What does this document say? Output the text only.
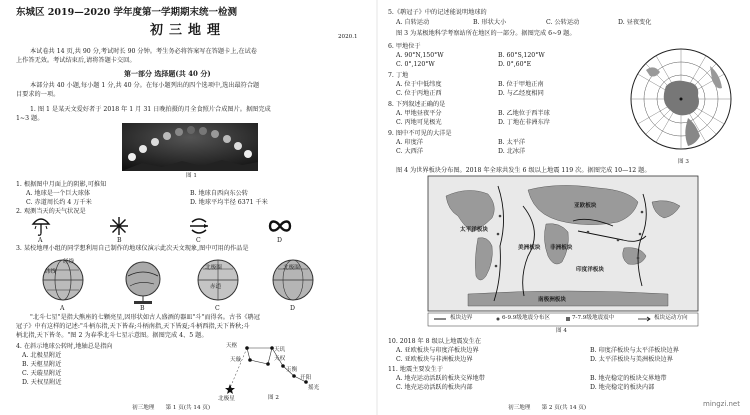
东城区 2019—2020 学年度第一学期期末统一检测
2020.1
初三地理
本试卷共 14 页,共 90 分,考试时长 90 分钟。考生务必将答案写在答题卡上,在试卷
上作答无效。考试结束后,请将答题卡交回。
第一部分 选择题(共 40 分)
本部分共 40 小题,每小题 1 分,共 40 分。在每小题列出的四个选项中,选出最符合题
目要求的一项。
1. 图 1 是某天文爱好者于 2018 年 1 月 31 日晚拍摄的月全食照片合成图片。据图完成
1~3 题。
图 1
1. 根据图中月面上的阴影,可推知
A. 地球是一个巨大球体	B. 地球自西向东公转
C. 赤道周长约 4 万千米	D. 地球平均半径 6371 千米
2. 观测当天的天气状况是
A	B	C	D
3. 某校地理小组的同学想利用自己制作的地球仪演示此次天文现象,图中可用的作品是
经线
纬线
北极圈
赤道
北极圈
A	B	C	D
"北斗七星"是指大熊座的七颗亮星,因形状如古人盛酒的器皿"斗"而得名。古书《鹖冠
冠子》中有这样的记述:"斗柄东指,天下皆春;斗柄南指,天下皆夏;斗柄西指,天下皆秋;斗
柄北指,天下皆冬。"图 2 为春季北斗七星示意图。据图完成 4、5 题。
4. 在斜示地球公转时,地轴总是指向
A. 北极星附近
B. 天枢星附近
C. 天璇星附近
D. 天权星附近
天枢
天璇
天玑
天权
玉衡
开阳
摇光
北极星	图 2
初三地理　　第 1 页(共 14 页)
5.《鹖冠子》中的记述能说明地球的
A. 自转运动	B. 形状大小	C. 公转运动	D. 昼夜变化
图 3 为某极地科学考察站所在地区的一部分。据图完成 6~9 题。
6. 甲地位于
A. 90°N,150°W	B. 60°S,120°W
C. 0°,120°W	D. 0°,60°E
7. 丁地
A. 位于中低纬度	B. 位于甲地正南
C. 位于丙地正西	D. 与乙经度相同
8. 下列叙述正确的是
A. 甲地昼夜平分	B. 乙地位于西半球
C. 丙地可见极光	D. 丁地在非洲东岸
9. 图中不可见的大洋是
A. 印度洋	B. 太平洋
C. 大西洋	D. 北冰洋
图 3
图 4 为世界板块分布图。2018 年全球共发生 6 级以上地震 119 次。据图完成 10—12 题。
亚欧板块
太平洋板块
美洲板块 非洲板块
印度洋板块
南极洲板块
板块边界	6-9.9级地震分布区	7-7.9级地震震中	板块运动方向
图 4
10. 2018 年 8 级以上地震发生在
A. 亚欧板块与印度洋板块边界	B. 印度洋板块与太平洋板块边界
C. 亚欧板块与非洲板块边界	D. 太平洋板块与美洲板块边界
11. 地震主要发生于
A. 地壳运动活跃的板块交界地带	B. 地壳稳定的板块交界地带
C. 地壳运动活跃的板块内部	D. 地壳稳定的板块内部
初三地理　　第 2 页(共 14 页)	mingzi.net
